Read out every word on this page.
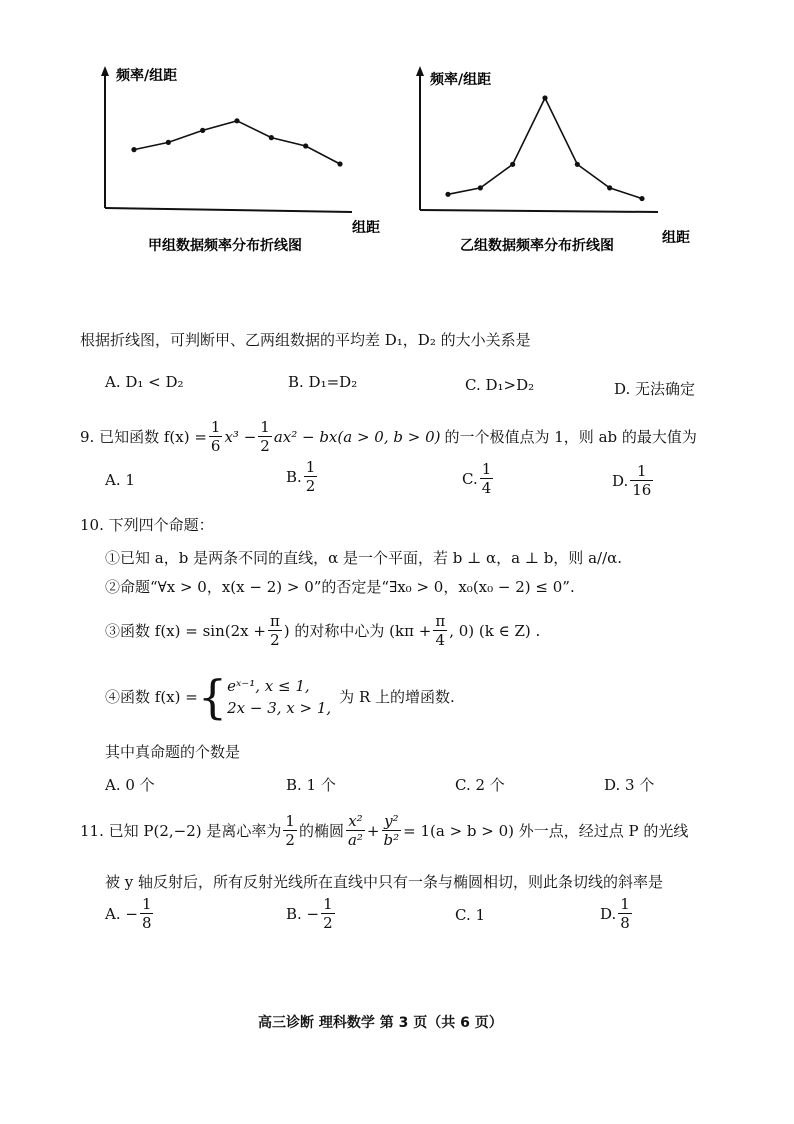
频率/组距
组距
甲组数据频率分布折线图
频率/组距
组距
乙组数据频率分布折线图
根据折线图，可判断甲、乙两组数据的平均差 D₁，D₂ 的大小关系是
A. D₁ < D₂	B. D₁=D₂	C. D₁>D₂	D. 无法确定
9. 已知函数 $f(x) = \frac{1}{6} x^3 - \frac{1}{2} ax^2 - bx(a > 0$, b > 0) 的一个极值点为 1，则 ab 的最大值为
A. 1	B. $\frac{1}{2}$	C. $\frac{1}{4}$	D. $\frac{1}{16}$
10. 下列四个命题：
①已知 a，b 是两条不同的直线，α 是一个平面，若 b ⊥ α，a ⊥ b，则 a//α.
②命题“∀x > 0，x(x − 2) > 0”的否定是“∃x₀ > 0，x₀(x₀ − 2) ≤ 0”.
③函数 $f(x) = \sin(2x + \frac{\pi}{2}$ ) 的对称中心为 ($k\pi + \frac{\pi}{4}$ , 0) (k ∈ Z) .
④函数 f(x) = { eˣ⁻¹, x ≤ 1,
2x − 3, x > 1,
为 R 上的增函数.
其中真命题的个数是
A. 0 个	B. 1 个	C. 2 个	D. 3 个
11. 已知 P(2,−2) 是离心率为 $\frac{1}{2}$ 的椭圆 $\frac{\text{x²}}{\text{a²}} + \frac{\text{y²}}{\text{b²}} = 1(a > b > 0)$ 外一点，经过点 P 的光线
被 y 轴反射后，所有反射光线所在直线中只有一条与椭圆相切，则此条切线的斜率是
A. − $\frac{1}{8}$	B. − $\frac{1}{2}$	C. 1	D. $\frac{1}{8}$
高三诊断 理科数学 第 3 页（共 6 页）
